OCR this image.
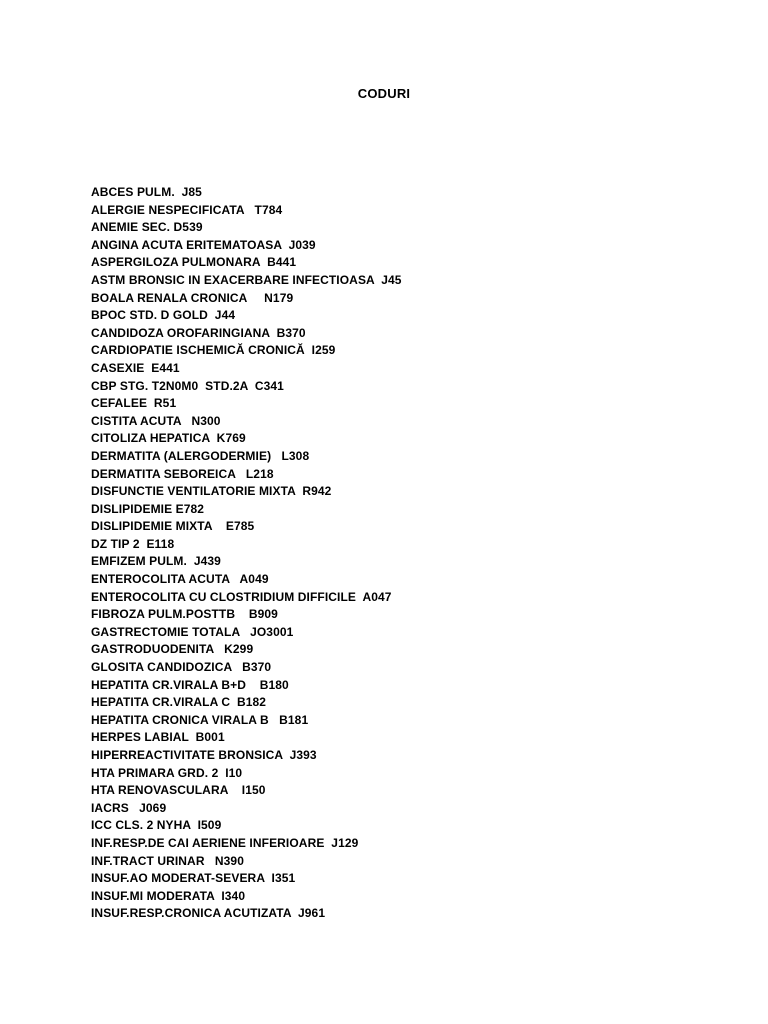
CODURI
ABCES PULM.  J85
ALERGIE NESPECIFICATA   T784
ANEMIE SEC. D539
ANGINA ACUTA ERITEMATOASA  J039
ASPERGILOZA PULMONARA  B441
ASTM BRONSIC IN EXACERBARE INFECTIOASA  J45
BOALA RENALA CRONICA     N179
BPOC STD. D GOLD  J44
CANDIDOZA OROFARINGIANA  B370
CARDIOPATIE ISCHEMICĂ CRONICĂ  I259
CASEXIE  E441
CBP STG. T2N0M0  STD.2A  C341
CEFALEE  R51
CISTITA ACUTA   N300
CITOLIZA HEPATICA  K769
DERMATITA (ALERGODERMIE)   L308
DERMATITA SEBOREICA   L218
DISFUNCTIE VENTILATORIE MIXTA  R942
DISLIPIDEMIE E782
DISLIPIDEMIE MIXTA    E785
DZ TIP 2  E118
EMFIZEM PULM.  J439
ENTEROCOLITA ACUTA   A049
ENTEROCOLITA CU CLOSTRIDIUM DIFFICILE  A047
FIBROZA PULM.POSTTB    B909
GASTRECTOMIE TOTALA   JO3001
GASTRODUODENITA   K299
GLOSITA CANDIDOZICA   B370
HEPATITA CR.VIRALA B+D    B180
HEPATITA CR.VIRALA C  B182
HEPATITA CRONICA VIRALA B   B181
HERPES LABIAL  B001
HIPERREACTIVITATE BRONSICA  J393
HTA PRIMARA GRD. 2  I10
HTA RENOVASCULARA    I150
IACRS   J069
ICC CLS. 2 NYHA  I509
INF.RESP.DE CAI AERIENE INFERIOARE  J129
INF.TRACT URINAR   N390
INSUF.AO MODERAT-SEVERA  I351
INSUF.MI MODERATA  I340
INSUF.RESP.CRONICA ACUTIZATA  J961
